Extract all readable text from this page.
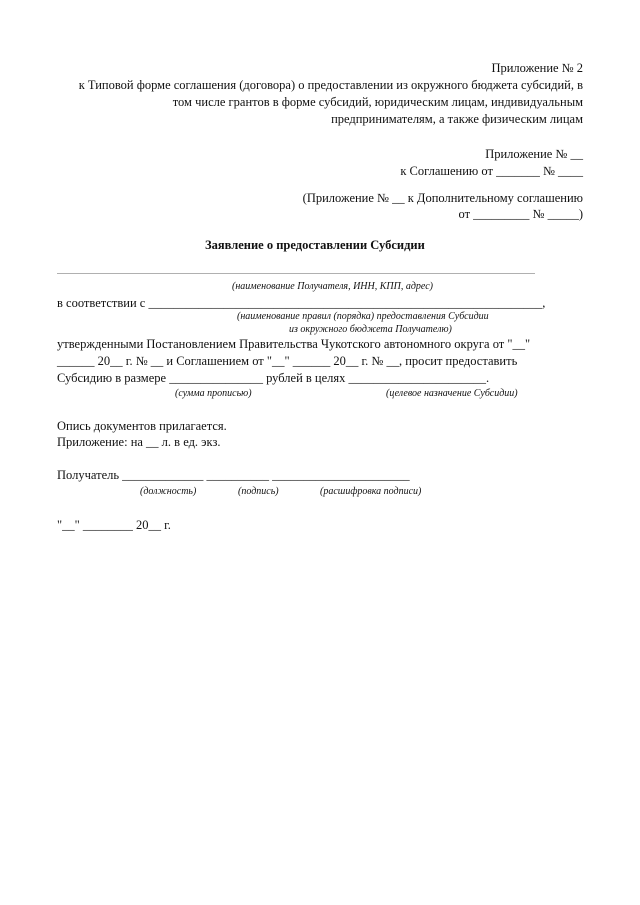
Приложение № 2
к Типовой форме соглашения (договора) о предоставлении из окружного бюджета субсидий, в
том числе грантов в форме субсидий, юридическим лицам, индивидуальным
предпринимателям, а также физическим лицам
Приложение № __
к Соглашению от _______ № ____
(Приложение № __ к Дополнительному соглашению
от _________ № _____)
Заявление о предоставлении Субсидии
(наименование Получателя, ИНН, КПП, адрес)
в соответствии с _______________________________________________________________,
(наименование правил (порядка) предоставления Субсидии
из окружного бюджета Получателю)
утвержденными Постановлением Правительства Чукотского автономного округа от "__"
______ 20__ г. № __ и Соглашением от "__" ______ 20__ г. № __, просит предоставить
Субсидию в размере _______________ рублей в целях ______________________.
(сумма прописью)	(целевое назначение Субсидии)
Опись документов прилагается.
Приложение: на __ л. в ед. экз.
Получатель _____________ __________ ______________________
(должность)	(подпись)	(расшифровка подписи)
"__" ________ 20__ г.
